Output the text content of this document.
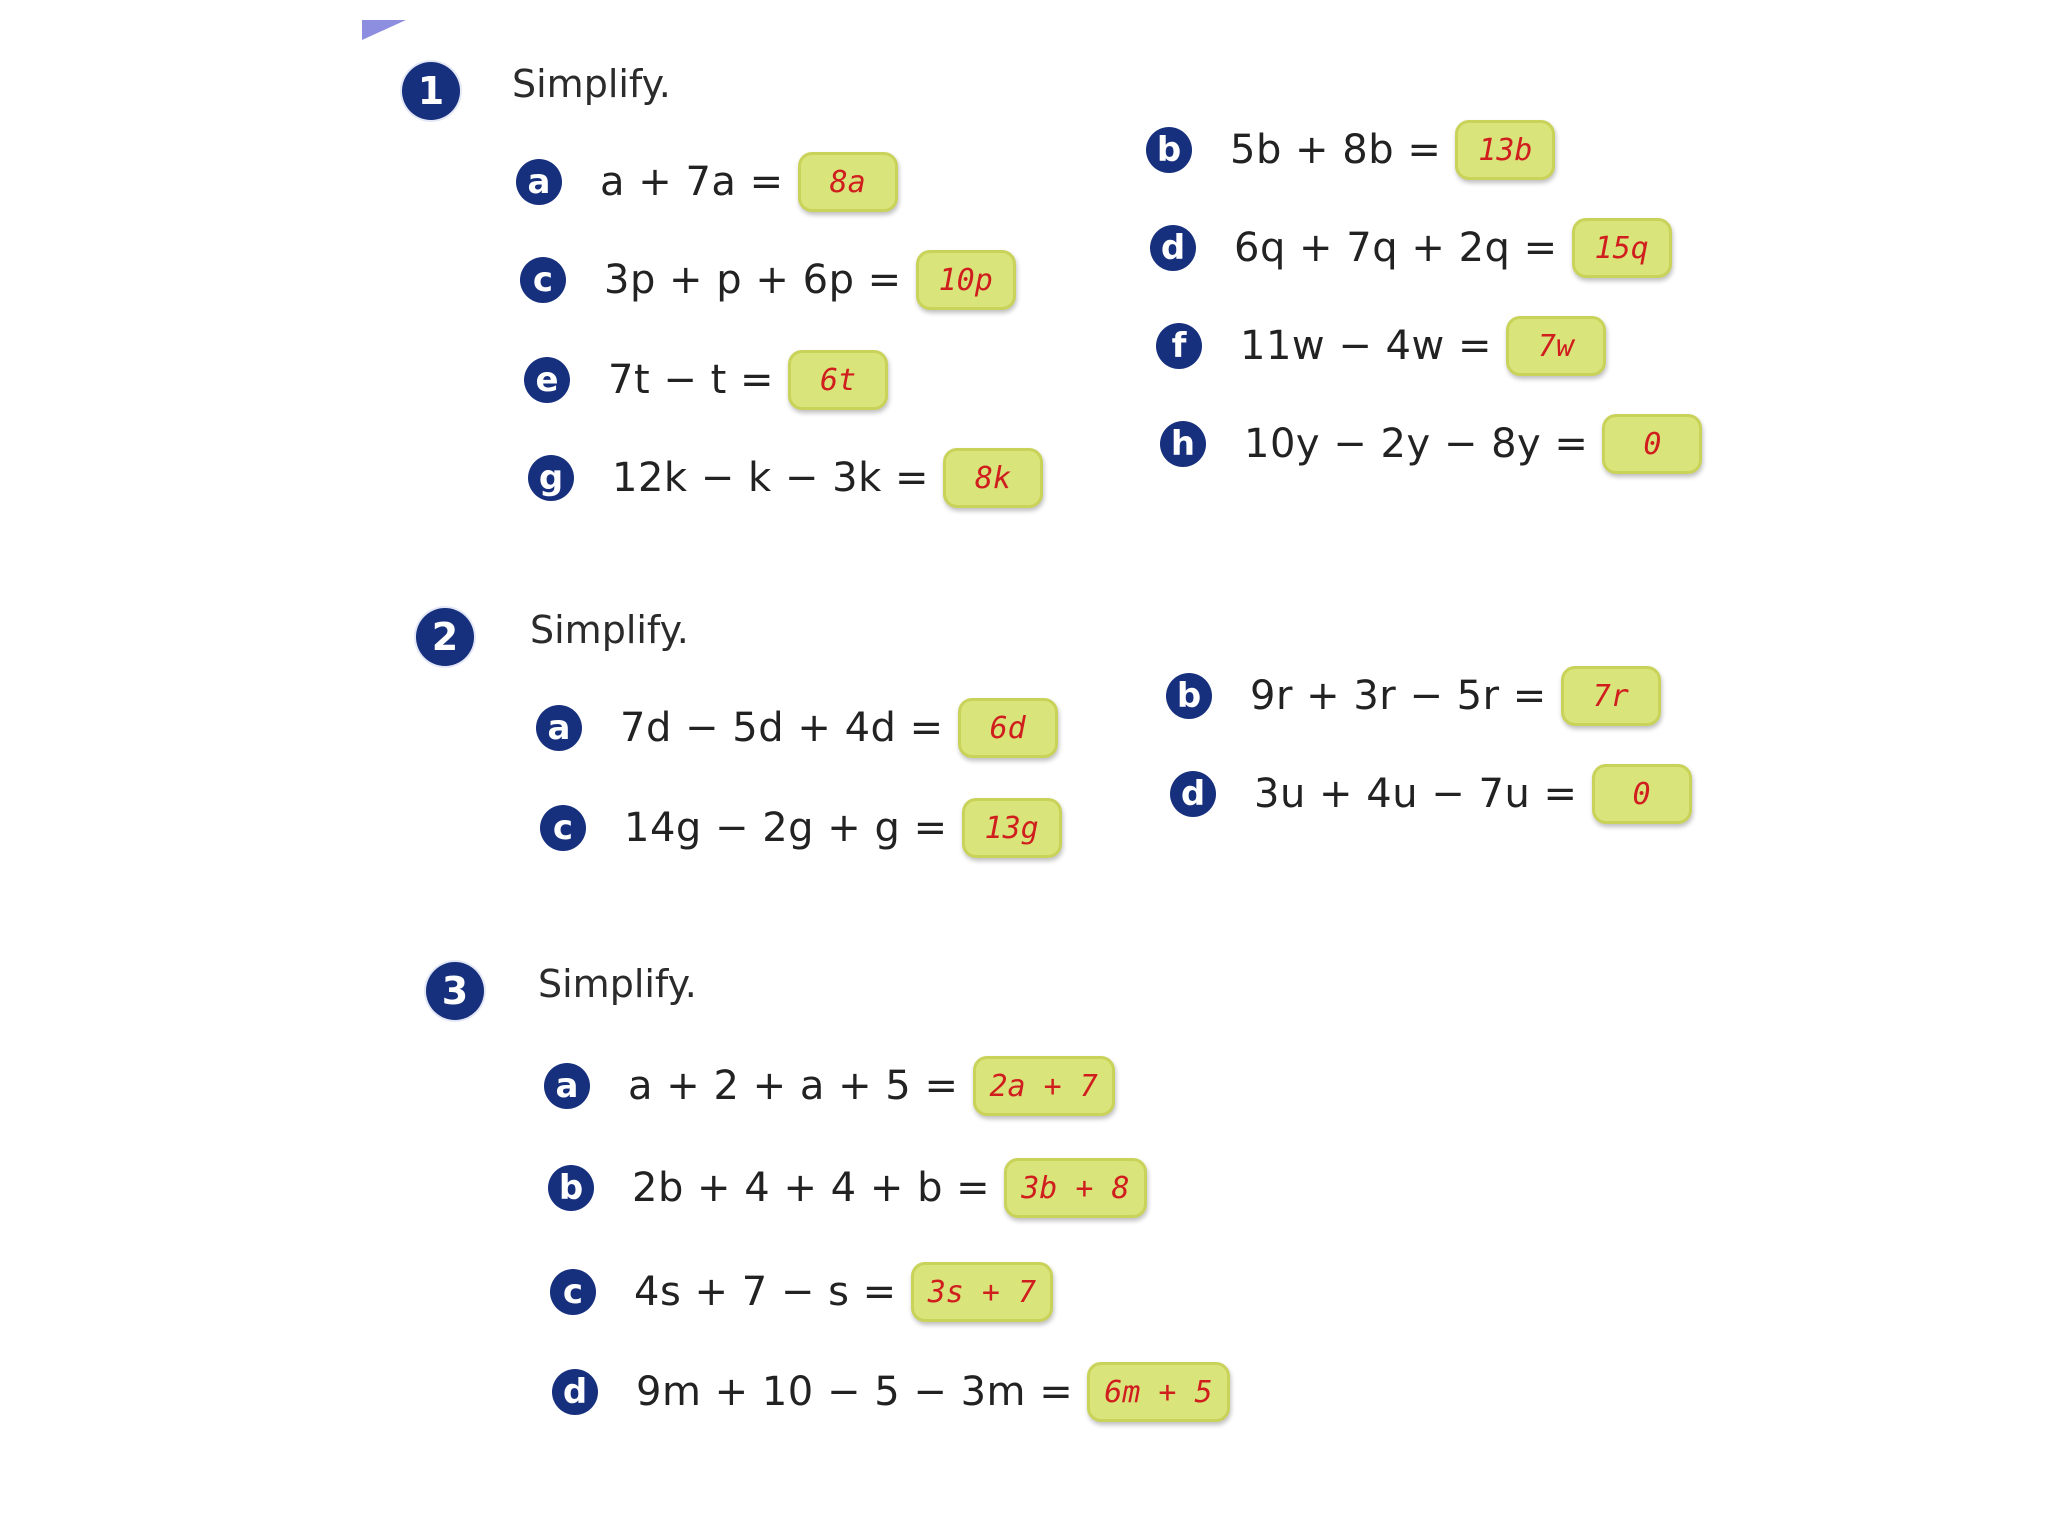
1	Simplify.
a a + 7a =	8a
b 5b + 8b =	13b
c	3p + p + 6p =	10p
d 6q + 7q + 2q =	15q
e 7t − t =	6t
f	11w − 4w =	7w
g 12k − k − 3k =	8k
h 10y − 2y − 8y =	0
2	Simplify.
a 7d − 5d + 4d =	6d
b 9r + 3r − 5r =	7r
c	14g − 2g + g =	13g
d 3u + 4u − 7u =	0
3	Simplify.
a a + 2 + a + 5 =	2a + 7
b 2b + 4 + 4 + b =	3b + 8
c	4s + 7 − s =	3s + 7
d 9m + 10 − 5 − 3m =	6m + 5
